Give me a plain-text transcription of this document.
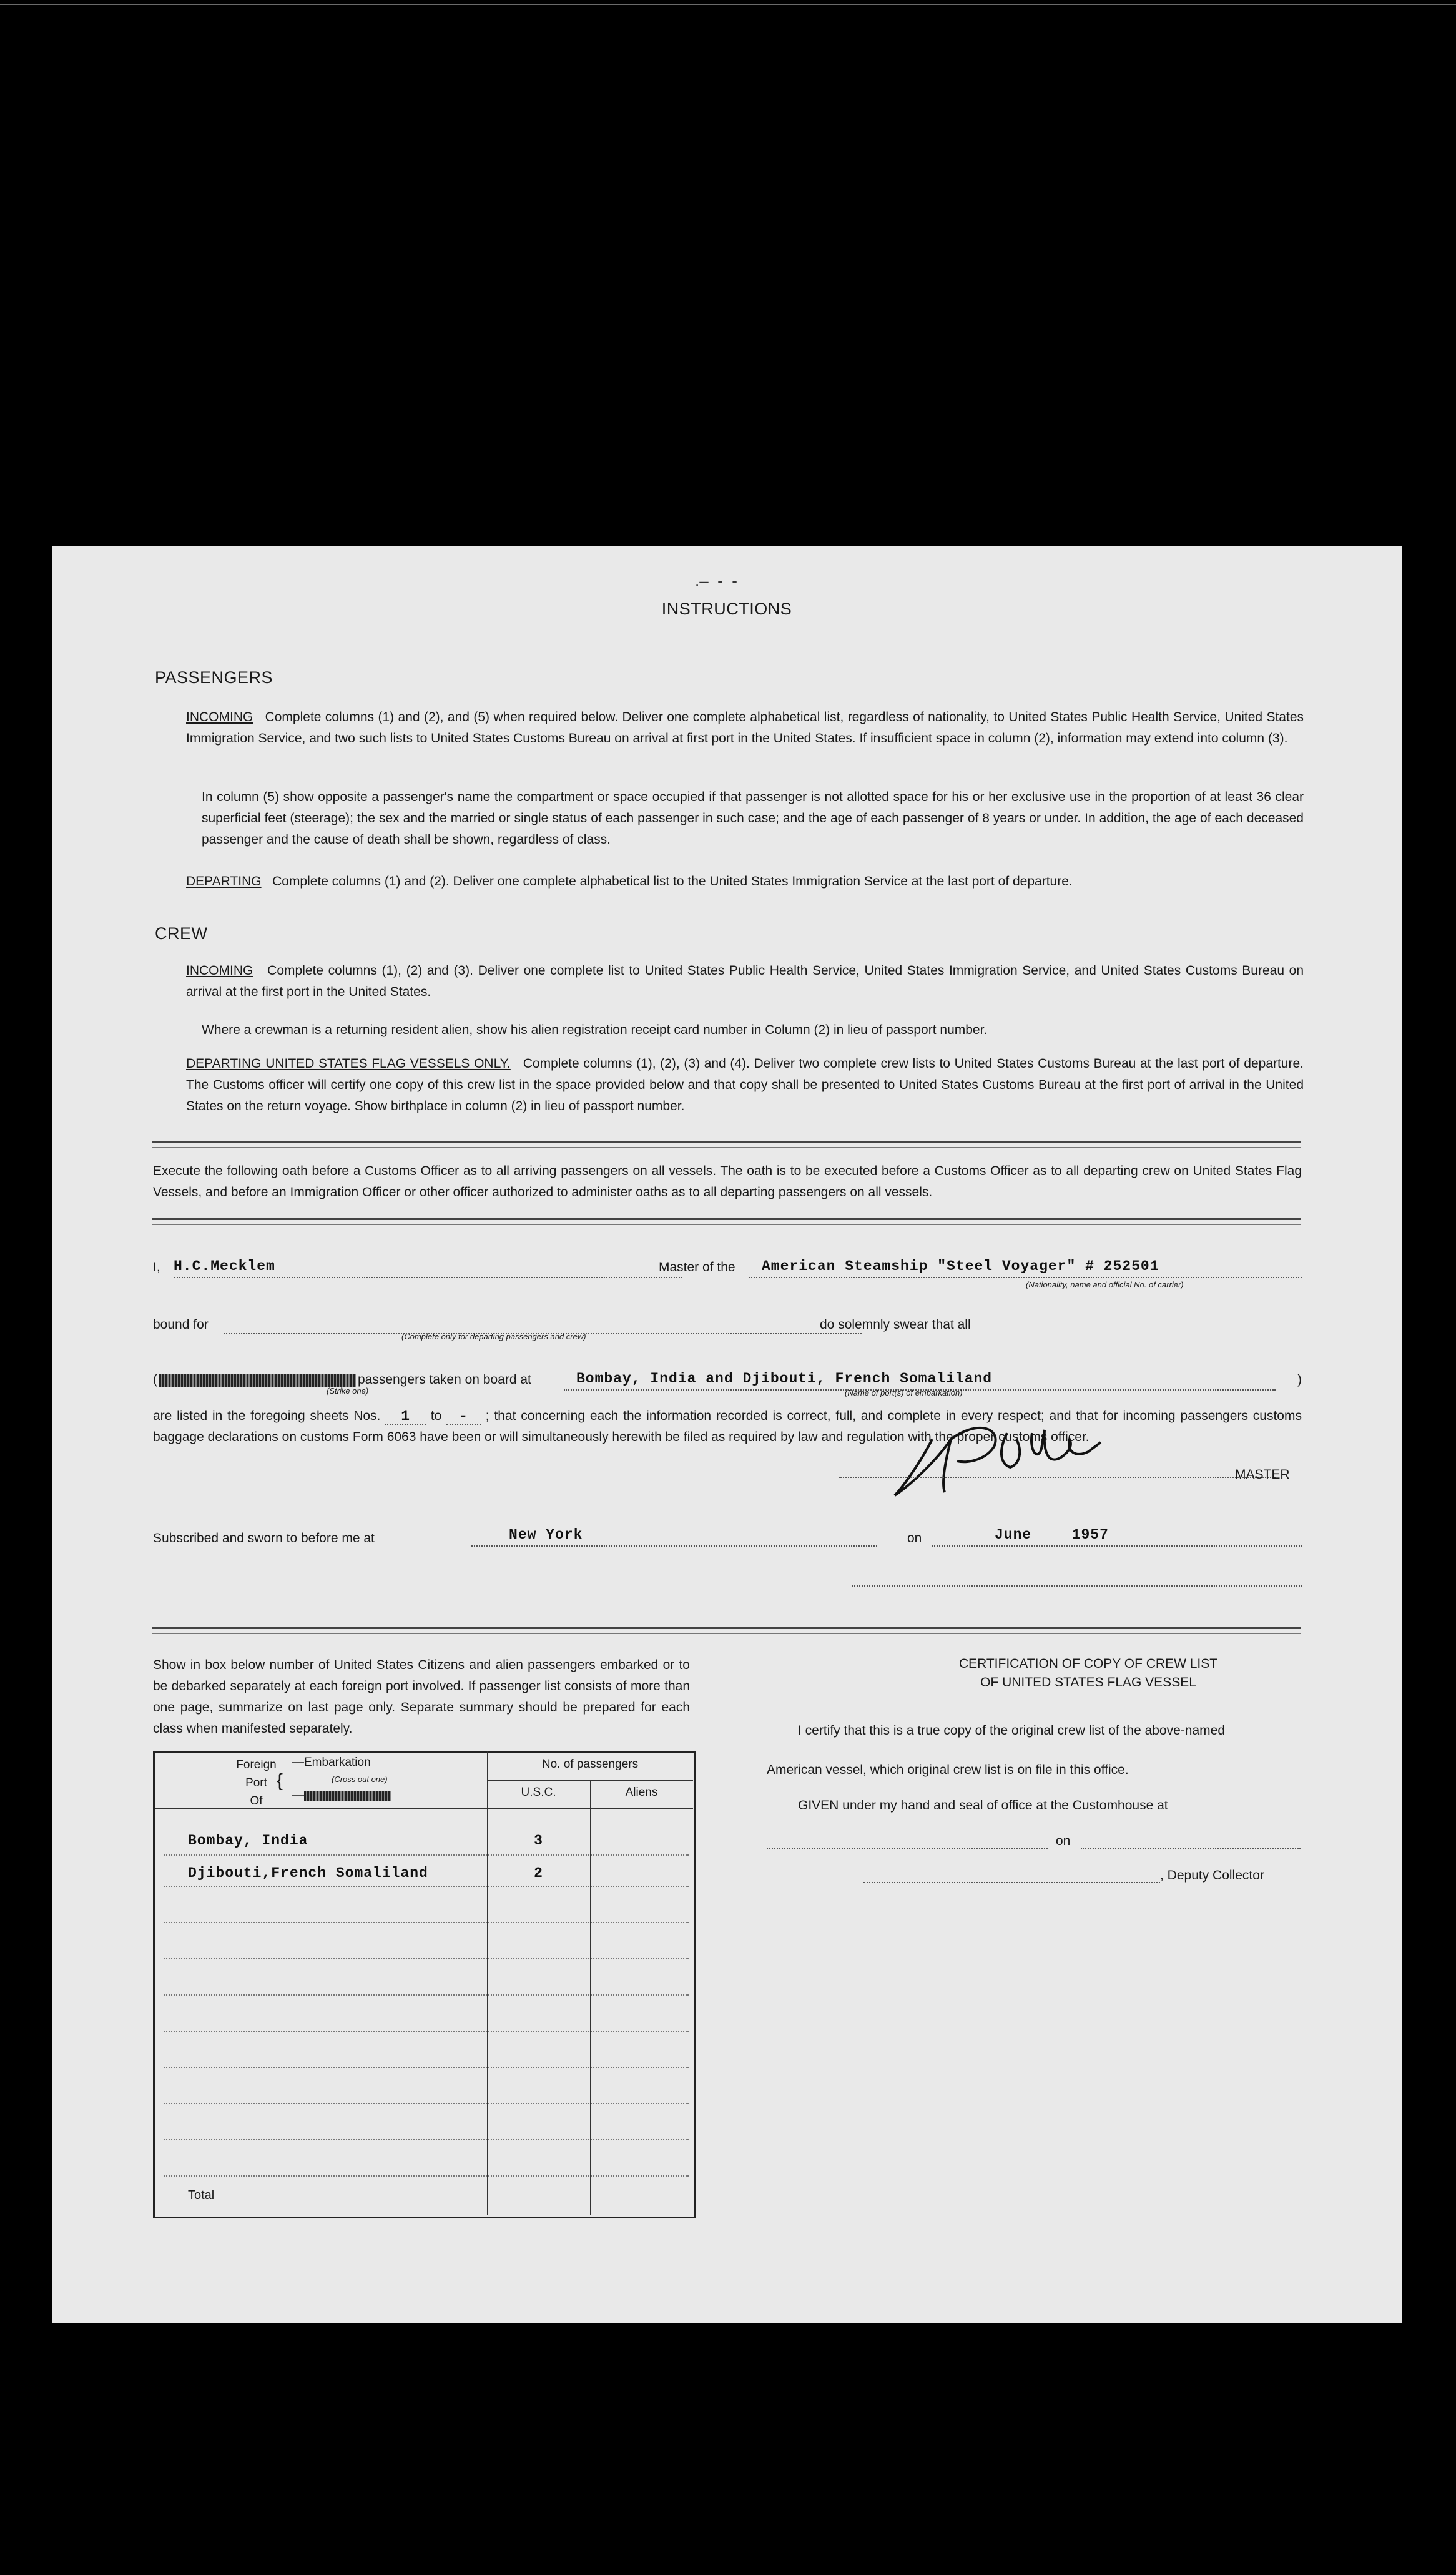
.–  -  -
INSTRUCTIONS
PASSENGERS
INCOMING Complete columns (1) and (2), and (5) when required below. Deliver one complete alphabetical list, regardless of nationality, to United States Public Health Service, United States Immigration Service, and two such lists to United States Customs Bureau on arrival at first port in the United States. If insufficient space in column (2), information may extend into column (3).
In column (5) show opposite a passenger's name the compartment or space occupied if that passenger is not allotted space for his or her exclusive use in the proportion of at least 36 clear superficial feet (steerage); the sex and the married or single status of each passenger in such case; and the age of each passenger of 8 years or under. In addition, the age of each deceased passenger and the cause of death shall be shown, regardless of class.
DEPARTING Complete columns (1) and (2). Deliver one complete alphabetical list to the United States Immigration Service at the last port of departure.
CREW
INCOMING Complete columns (1), (2) and (3). Deliver one complete list to United States Public Health Service, United States Immigration Service, and United States Customs Bureau on arrival at the first port in the United States.
Where a crewman is a returning resident alien, show his alien registration receipt card number in Column (2) in lieu of passport number.
DEPARTING UNITED STATES FLAG VESSELS ONLY. Complete columns (1), (2), (3) and (4). Deliver two complete crew lists to United States Customs Bureau at the last port of departure. The Customs officer will certify one copy of this crew list in the space provided below and that copy shall be presented to United States Customs Bureau at the first port of arrival in the United States on the return voyage. Show birthplace in column (2) in lieu of passport number.
Execute the following oath before a Customs Officer as to all arriving passengers on all vessels. The oath is to be executed before a Customs Officer as to all departing crew on United States Flag Vessels, and before an Immigration Officer or other officer authorized to administer oaths as to all departing passengers on all vessels.
I, H.C.Mecklem	Master of the	American Steamship "Steel Voyager" # 252501
(Nationality, name and official No. of carrier)
bound for
(Complete only for departing passengers and crew)
do solemnly swear that all
(
(Strike one)
passengers taken on board at	Bombay, India and Djibouti, French Somaliland	)
(Name of port(s) of embarkation)
are listed in the foregoing sheets Nos. 1 to - ; that concerning each the information recorded is correct, full, and complete in every respect; and that for incoming passengers customs baggage declarations on customs Form 6063 have been or will simultaneously herewith be filed as required by law and regulation with the proper customs officer.
MASTER
Subscribed and sworn to before me at	New York	on	June	1957
Show in box below number of United States Citizens and alien passengers embarked or to be debarked separately at each foreign port involved. If passenger list consists of more than one page, summarize on last page only. Separate summary should be prepared for each class when manifested separately.
Foreign
Port
Of
{
—Embarkation
(Cross out one)
—
No. of passengers
U.S.C.	Aliens
Bombay, India	3
Djibouti,French Somaliland	2
Total
CERTIFICATION OF COPY OF CREW LIST
OF UNITED STATES FLAG VESSEL
I certify that this is a true copy of the original crew list of the above-named
American vessel, which original crew list is on file in this office.
GIVEN under my hand and seal of office at the Customhouse at
on
, Deputy Collector
